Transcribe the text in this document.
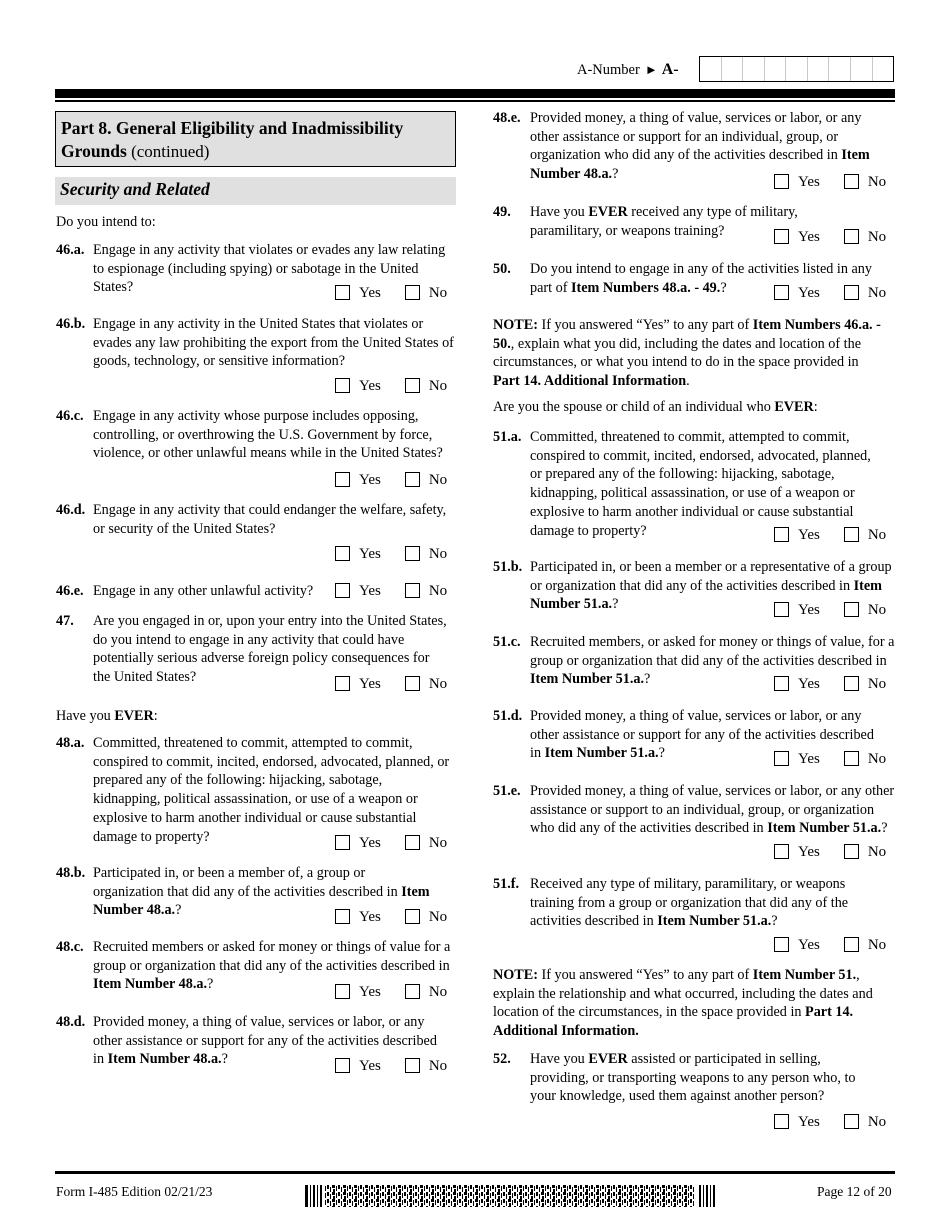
A-Number ► A-
Part 8. General Eligibility and Inadmissibility
Grounds (continued)
Security and Related
Do you intend to:
46.a. Engage in any activity that violates or evades any law relating to espionage (including spying) or sabotage in the United States?	Yes	No
46.b. Engage in any activity in the United States that violates or evades any law prohibiting the export from the United States of goods, technology, or sensitive information?
Yes	No
46.c. Engage in any activity whose purpose includes opposing, controlling, or overthrowing the U.S. Government by force, violence, or other unlawful means while in the United States?
Yes	No
46.d. Engage in any activity that could endanger the welfare, safety, or security of the United States?
Yes	No
46.e. Engage in any other unlawful activity?	Yes	No
47. Are you engaged in or, upon your entry into the United States, do you intend to engage in any activity that could have potentially serious adverse foreign policy consequences for the United States?	Yes	No
Have you EVER:
48.a. Committed, threatened to commit, attempted to commit, conspired to commit, incited, endorsed, advocated, planned, or prepared any of the following: hijacking, sabotage, kidnapping, political assassination, or use of a weapon or explosive to harm another individual or cause substantial damage to property?	Yes	No
48.b. Participated in, or been a member of, a group or organization that did any of the activities described in Item Number 48.a.?	Yes	No
48.c. Recruited members or asked for money or things of value for a group or organization that did any of the activities described in Item Number 48.a.?	Yes	No
48.d. Provided money, a thing of value, services or labor, or any other assistance or support for any of the activities described in Item Number 48.a.?	Yes	No
48.e. Provided money, a thing of value, services or labor, or any other assistance or support for an individual, group, or organization who did any of the activities described in Item Number 48.a.?	Yes	No
49. Have you EVER received any type of military, paramilitary, or weapons training?	Yes	No
50. Do you intend to engage in any of the activities listed in any part of Item Numbers 48.a. - 49.?	Yes	No
NOTE: If you answered “Yes” to any part of Item Numbers 46.a. - 50., explain what you did, including the dates and location of the circumstances, or what you intend to do in the space provided in Part 14. Additional Information.
Are you the spouse or child of an individual who EVER:
51.a. Committed, threatened to commit, attempted to commit, conspired to commit, incited, endorsed, advocated, planned, or prepared any of the following: hijacking, sabotage, kidnapping, political assassination, or use of a weapon or explosive to harm another individual or cause substantial damage to property?	Yes	No
51.b. Participated in, or been a member or a representative of a group or organization that did any of the activities described in Item Number 51.a.?	Yes	No
51.c. Recruited members, or asked for money or things of value, for a group or organization that did any of the activities described in Item Number 51.a.?	Yes	No
51.d. Provided money, a thing of value, services or labor, or any other assistance or support for any of the activities described in Item Number 51.a.?	Yes	No
51.e. Provided money, a thing of value, services or labor, or any other assistance or support to an individual, group, or organization who did any of the activities described in Item Number 51.a.?
Yes	No
51.f. Received any type of military, paramilitary, or weapons training from a group or organization that did any of the activities described in Item Number 51.a.?
Yes	No
NOTE: If you answered “Yes” to any part of Item Number 51., explain the relationship and what occurred, including the dates and location of the circumstances, in the space provided in Part 14. Additional Information.
52. Have you EVER assisted or participated in selling, providing, or transporting weapons to any person who, to your knowledge, used them against another person?
Yes	No
Form I-485 Edition 02/21/23	Page 12 of 20
